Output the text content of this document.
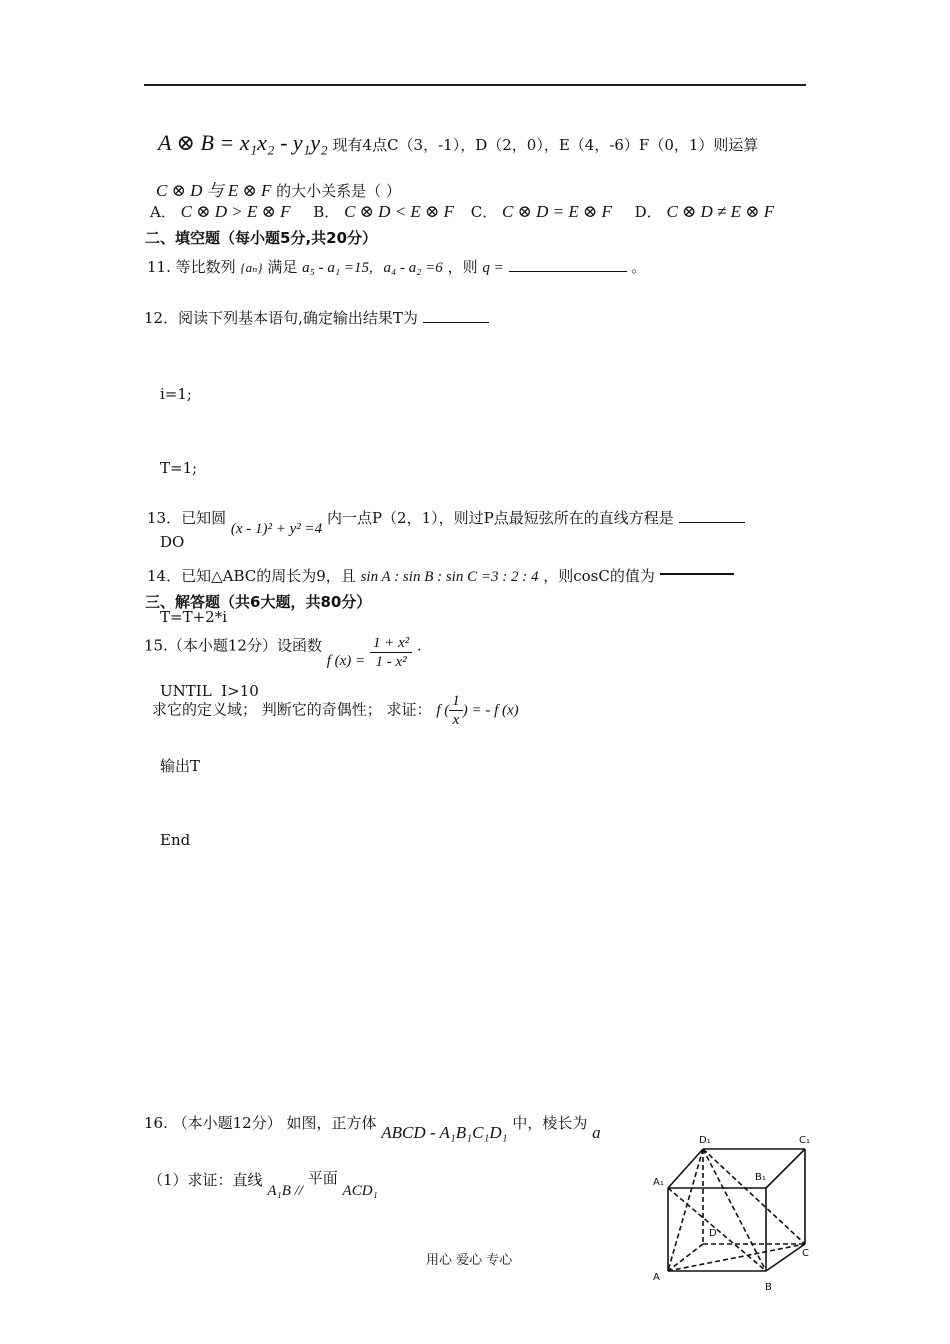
A ⊗ B = x₁x₂ - y₁y₂ 现有4点C（3，-1），D（2，0），E（4，-6）F（0，1）则运算
C ⊗ D 与 E ⊗ F 的大小关系是（ ）
A． C ⊗ D > E ⊗ F B． C ⊗ D < E ⊗ F C． C ⊗ D = E ⊗ F D． C ⊗ D ≠ E ⊗ F
二、填空题（每小题5分,共20分）
11. 等比数列 {aₙ} 满足 a₅ - a₁ =15, a₄ - a₂ =6 ，则 q =	。
12．阅读下列基本语句,确定输出结果T为

i=1;

T=1;

DO

T=T+2*i

UNTIL  I>10

输出T

End

13．已知圆 (x - 1)² + y² =4 内一点P（2，1），则过P点最短弦所在的直线方程是
14．已知△ABC的周长为9，且 sin A : sin B : sin C =3 : 2 : 4 ，则cosC的值为
三、解答题（共6大题，共80分）
15.（本小题12分）设函数 f $(x) = \frac{\text{1 + x²}}{\text{1 - x²}}$ .
求它的定义域； 判断它的奇偶性； 求证： f ( $\frac{1}{x}$ ) = - f (x)
16. （本小题12分） 如图，正方体 ABCD - A₁B₁C₁D₁ 中，棱长为 a
（1）求证：直线 A₁B // 平面 ACD₁
D₁	C₁
A₁	B₁
D
C
A
B
用心 爱心 专心
